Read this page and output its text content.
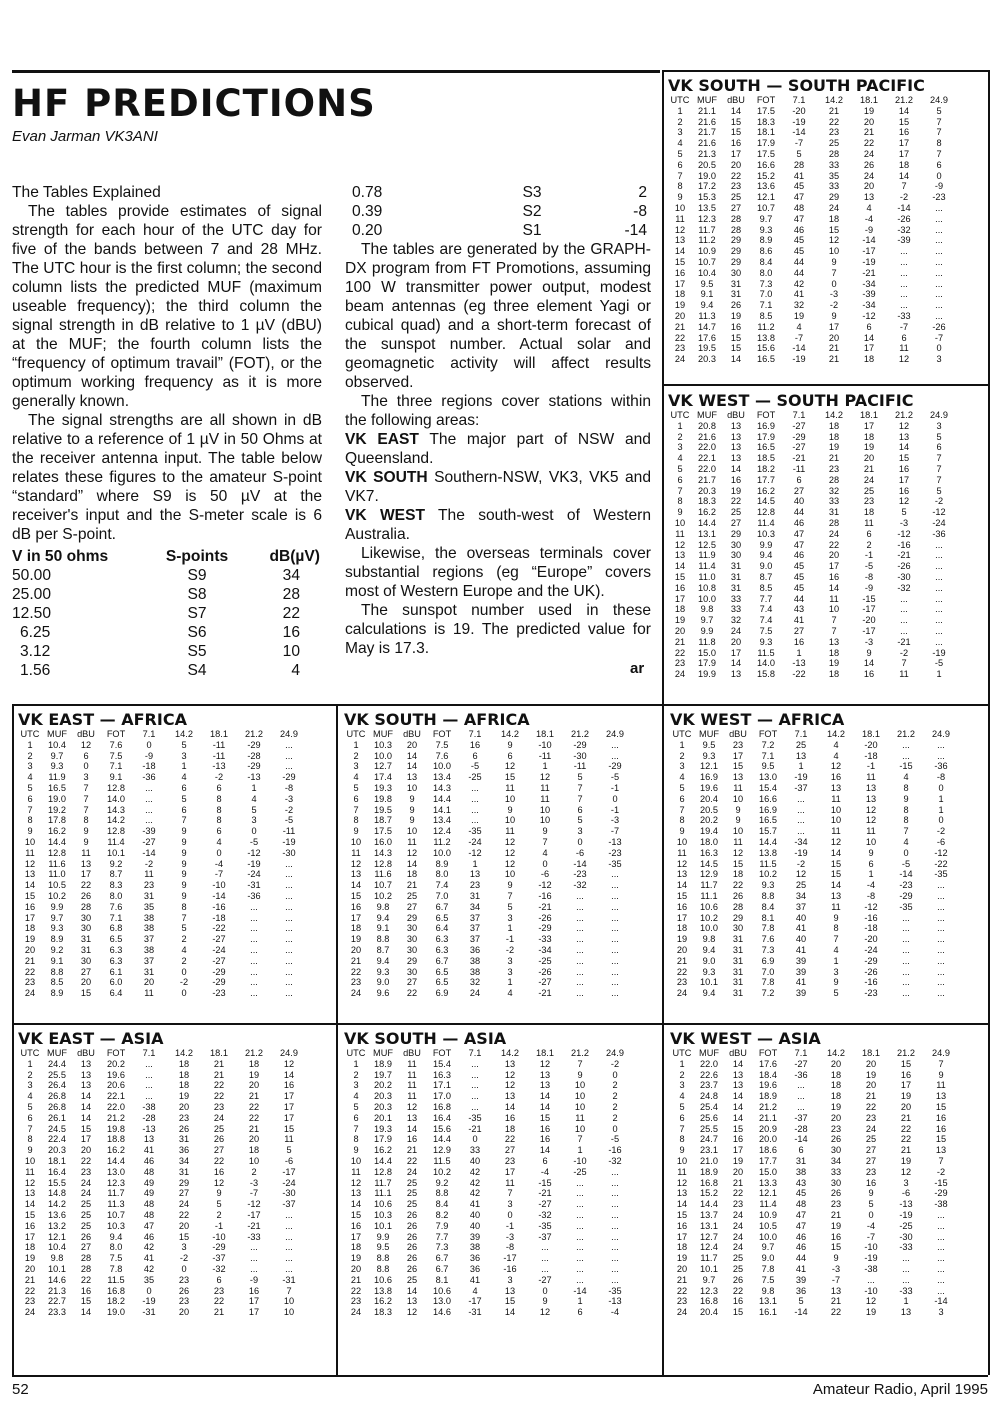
HF PREDICTIONS
Evan Jarman VK3ANI

The Tables Explained

The tables provide estimates of signal strength for each hour of the UTC day for five of the bands between 7 and 28 MHz. The UTC hour is the first column; the second column lists the predicted MUF (maximum useable frequency); the third column the signal strength in dB relative to 1 µV (dBU) at the MUF; the fourth column lists the “frequency of optimum travail” (FOT), or the optimum working frequency as it is more generally known.

The signal strengths are all shown in dB relative to a reference of 1 µV in 50 Ohms at the receiver antenna input. The table below relates these figures to the amateur S-point “standard” where S9 is 50 µV at the receiver's input and the S-meter scale is 6 dB per S-point.

V in 50 ohms	S-points	dB(µV)
50.00	S9	34
25.00	S8	28
12.50	S7	22
6.25	S6	16
3.12	S5	10
1.56	S4	4
0.78	S3	2
0.39	S2	-8
0.20	S1	-14

The tables are generated by the GRAPH-DX program from FT Promotions, assuming 100 W transmitter power output, modest beam antennas (eg three element Yagi or cubical quad) and a short-term forecast of the sunspot number. Actual solar and geomagnetic activity will affect results observed.

The three regions cover stations within the following areas:

VK EAST The major part of NSW and Queensland.

VK SOUTH Southern-NSW, VK3, VK5 and VK7.

VK WEST The south-west of Western Australia.

Likewise, the overseas terminals cover substantial regions (eg “Europe” covers most of Western Europe and the UK).

The sunspot number used in these calculations is 19. The predicted value for May is 17.3.

ar
VK SOUTH — SOUTH PACIFIC
UTC	MUF	dBU	FOT	7.1	14.2	18.1	21.2	24.9
1	21.1	14	17.5	-20	21	19	14	5
2	21.6	15	18.3	-19	22	20	15	7
3	21.7	15	18.1	-14	23	21	16	7
4	21.6	16	17.9	-7	25	22	17	8
5	21.3	17	17.5	5	28	24	17	7
6	20.5	20	16.6	28	33	26	18	6
7	19.0	22	15.2	41	35	24	14	0
8	17.2	23	13.6	45	33	20	7	-9
9	15.3	25	12.1	47	29	13	-2	-23
10	13.5	27	10.7	48	24	4	-14	...
11	12.3	28	9.7	47	18	-4	-26	...
12	11.7	28	9.3	46	15	-9	-32	...
13	11.2	29	8.9	45	12	-14	-39	...
14	10.9	29	8.6	45	10	-17	...	...
15	10.7	29	8.4	44	9	-19	...	...
16	10.4	30	8.0	44	7	-21	...	...
17	9.5	31	7.3	42	0	-34	...	...
18	9.1	31	7.0	41	-3	-39	...	...
19	9.4	26	7.1	32	-2	-34	...	...
20	11.3	19	8.5	19	9	-12	-33	...
21	14.7	16	11.2	4	17	6	-7	-26
22	17.6	15	13.8	-7	20	14	6	-7
23	19.5	15	15.6	-14	21	17	11	0
24	20.3	14	16.5	-19	21	18	12	3
VK WEST — SOUTH PACIFIC
UTC	MUF	dBU	FOT	7.1	14.2	18.1	21.2	24.9
1	20.8	13	16.9	-27	18	17	12	3
2	21.6	13	17.9	-29	18	18	13	5
3	22.0	13	16.5	-27	19	19	14	6
4	22.1	13	18.5	-21	21	20	15	7
5	22.0	14	18.2	-11	23	21	16	7
6	21.7	16	17.7	6	28	24	17	7
7	20.3	19	16.2	27	32	25	16	5
8	18.3	22	14.5	40	33	23	12	-2
9	16.2	25	12.8	44	31	18	5	-12
10	14.4	27	11.4	46	28	11	-3	-24
11	13.1	29	10.3	47	24	6	-12	-36
12	12.5	30	9.9	47	22	2	-16	...
13	11.9	30	9.4	46	20	-1	-21	...
14	11.4	31	9.0	45	17	-5	-26	...
15	11.0	31	8.7	45	16	-8	-30	...
16	10.8	31	8.5	45	14	-9	-32	...
17	10.0	33	7.7	44	11	-15	...	...
18	9.8	33	7.4	43	10	-17	...	...
19	9.7	32	7.4	41	7	-20	...	...
20	9.9	24	7.5	27	7	-17	...	...
21	11.8	20	9.3	16	13	-3	-21	...
22	15.0	17	11.5	1	18	9	-2	-19
23	17.9	14	14.0	-13	19	14	7	-5
24	19.9	13	15.8	-22	18	16	11	1
VK EAST — AFRICA
UTC	MUF	dBU	FOT	7.1	14.2	18.1	21.2	24.9
1	10.4	12	7.6	0	5	-11	-29	...
2	9.7	6	7.5	-9	3	-11	-28	...
3	9.3	0	7.1	-18	1	-13	-29	...
4	11.9	3	9.1	-36	4	-2	-13	-29
5	16.5	7	12.8	...	6	6	1	-8
6	19.0	7	14.0	...	5	8	4	-3
7	19.2	7	14.3	...	6	8	5	-2
8	17.8	8	14.2	...	7	8	3	-5
9	16.2	9	12.8	-39	9	6	0	-11
10	14.4	9	11.4	-27	9	4	-5	-19
11	12.8	11	10.1	-14	9	0	-12	-30
12	11.6	13	9.2	-2	9	-4	-19	...
13	11.0	17	8.7	11	9	-7	-24	...
14	10.5	22	8.3	23	9	-10	-31	...
15	10.2	26	8.0	31	9	-14	-36	...
16	9.9	28	7.6	35	8	-16	...	...
17	9.7	30	7.1	38	7	-18	...	...
18	9.3	30	6.8	38	5	-22	...	...
19	8.9	31	6.5	37	2	-27	...	...
20	9.2	31	6.3	38	4	-24	...	...
21	9.1	30	6.3	37	2	-27	...	...
22	8.8	27	6.1	31	0	-29	...	...
23	8.5	20	6.0	20	-2	-29	...	...
24	8.9	15	6.4	11	0	-23	...	...
VK SOUTH — AFRICA
UTC	MUF	dBU	FOT	7.1	14.2	18.1	21.2	24.9
1	10.3	20	7.5	16	9	-10	-29	...
2	10.0	14	7.6	6	6	-11	-30	...
3	12.7	14	10.0	-5	12	1	-11	-29
4	17.4	13	13.4	-25	15	12	5	-5
5	19.3	10	14.3	...	11	11	7	-1
6	19.8	9	14.4	...	10	11	7	0
7	19.5	9	14.1	...	9	10	6	-1
8	18.7	9	13.4	...	10	10	5	-3
9	17.5	10	12.4	-35	11	9	3	-7
10	16.0	11	11.2	-24	12	7	0	-13
11	14.3	12	10.0	-12	12	4	-6	-23
12	12.8	14	8.9	1	12	0	-14	-35
13	11.6	18	8.0	13	10	-6	-23	...
14	10.7	21	7.4	23	9	-12	-32	...
15	10.2	25	7.0	31	7	-16	...	...
16	9.8	27	6.7	34	5	-21	...	...
17	9.4	29	6.5	37	3	-26	...	...
18	9.1	30	6.4	37	1	-29	...	...
19	8.8	30	6.3	37	-1	-33	...	...
20	8.7	30	6.3	36	-2	-34	...	...
21	9.4	29	6.7	38	3	-25	...	...
22	9.3	30	6.5	38	3	-26	...	...
23	9.0	27	6.5	32	1	-27	...	...
24	9.6	22	6.9	24	4	-21	...	...
VK WEST — AFRICA
UTC	MUF	dBU	FOT	7.1	14.2	18.1	21.2	24.9
1	9.5	23	7.2	25	4	-20	...	...
2	9.3	17	7.1	13	4	-18	...	...
3	12.1	15	9.5	1	12	-1	-15	-36
4	16.9	13	13.0	-19	16	11	4	-8
5	19.6	11	15.4	-37	13	13	8	0
6	20.4	10	16.6	...	11	13	9	1
7	20.5	9	16.9	...	10	12	8	1
8	20.2	9	16.5	...	10	12	8	0
9	19.4	10	15.7	...	11	11	7	-2
10	18.0	11	14.4	-34	12	10	4	-6
11	16.3	12	13.8	-19	14	9	0	-12
12	14.5	15	11.5	-2	15	6	-5	-22
13	12.9	18	10.2	12	15	1	-14	-35
14	11.7	22	9.3	25	14	-4	-23	...
15	11.1	26	8.8	34	13	-8	-29	...
16	10.6	28	8.4	37	11	-12	-35	...
17	10.2	29	8.1	40	9	-16	...	...
18	10.0	30	7.8	41	8	-18	...	...
19	9.8	31	7.6	40	7	-20	...	...
20	9.4	31	7.3	41	4	-24	...	...
21	9.0	31	6.9	39	1	-29	...	...
22	9.3	31	7.0	39	3	-26	...	...
23	10.1	31	7.8	41	9	-16	...	...
24	9.4	31	7.2	39	5	-23	...	...
VK EAST — ASIA
UTC	MUF	dBU	FOT	7.1	14.2	18.1	21.2	24.9
1	24.4	13	20.2	...	18	21	18	12
2	25.5	13	19.6	...	18	21	19	14
3	26.4	13	20.6	...	18	22	20	16
4	26.8	14	22.1	...	19	22	21	17
5	26.8	14	22.0	-38	20	23	22	17
6	26.1	14	21.2	-28	23	24	22	17
7	24.5	15	19.8	-13	26	25	21	15
8	22.4	17	18.8	13	31	26	20	11
9	20.3	20	16.2	41	36	27	18	5
10	18.1	22	14.4	46	34	22	10	-6
11	16.4	23	13.0	48	31	16	2	-17
12	15.5	24	12.3	49	29	12	-3	-24
13	14.8	24	11.7	49	27	9	-7	-30
14	14.2	25	11.3	48	24	5	-12	-37
15	13.6	25	10.7	48	22	2	-17	...
16	13.2	25	10.3	47	20	-1	-21	...
17	12.1	26	9.4	46	15	-10	-33	...
18	10.4	27	8.0	42	3	-29	...	...
19	9.8	28	7.5	41	-2	-37	...	...
20	10.1	28	7.8	42	0	-32	...	...
21	14.6	22	11.5	35	23	6	-9	-31
22	21.3	16	16.8	0	26	23	16	7
23	22.7	15	18.2	-19	23	22	17	10
24	23.3	14	19.0	-31	20	21	17	10
VK SOUTH — ASIA
UTC	MUF	dBU	FOT	7.1	14.2	18.1	21.2	24.9
1	18.9	11	15.4	...	13	12	7	-2
2	19.7	11	16.3	...	12	13	9	0
3	20.2	11	17.1	...	12	13	10	2
4	20.3	11	17.0	...	13	14	10	2
5	20.3	12	16.8	...	14	14	10	2
6	20.1	13	16.4	-35	16	15	11	2
7	19.3	14	15.6	-21	18	16	10	0
8	17.9	16	14.4	0	22	16	7	-5
9	16.2	21	12.9	33	27	14	1	-16
10	14.4	22	11.5	40	23	6	-10	-32
11	12.8	24	10.2	42	17	-4	-25	...
12	11.7	25	9.2	42	11	-15	...	...
13	11.1	25	8.8	42	7	-21	...	...
14	10.6	25	8.4	41	3	-27	...	...
15	10.3	26	8.2	40	0	-32	...	...
16	10.1	26	7.9	40	-1	-35	...	...
17	9.9	26	7.7	39	-3	-37	...	...
18	9.5	26	7.3	38	-8	...	...	...
19	8.8	26	6.7	36	-17	...	...	...
20	8.8	26	6.7	36	-16	...	...	...
21	10.6	25	8.1	41	3	-27	...	...
22	13.8	14	10.6	4	13	0	-14	-35
23	16.2	13	13.0	-17	15	9	1	-13
24	18.3	12	14.6	-31	14	12	6	-4
VK WEST — ASIA
UTC	MUF	dBU	FOT	7.1	14.2	18.1	21.2	24.9
1	22.0	14	17.6	-27	20	20	15	7
2	22.6	13	18.4	-36	18	19	16	9
3	23.7	13	19.6	...	18	20	17	11
4	24.8	14	18.9	...	18	21	19	13
5	25.4	14	21.2	...	19	22	20	15
6	25.6	14	21.1	-37	20	23	21	16
7	25.5	15	20.9	-28	23	24	22	16
8	24.7	16	20.0	-14	26	25	22	15
9	23.1	17	18.6	6	30	27	21	13
10	21.0	19	17.7	31	34	27	19	7
11	18.9	20	15.0	38	33	23	12	-2
12	16.8	21	13.3	43	30	16	3	-15
13	15.2	22	12.1	45	26	9	-6	-29
14	14.4	23	11.4	48	23	5	-13	-38
15	13.7	24	10.9	47	21	0	-19	...
16	13.1	24	10.5	47	19	-4	-25	...
17	12.7	24	10.0	46	16	-7	-30	...
18	12.4	24	9.7	46	15	-10	-33	...
19	11.7	25	9.0	44	9	-19	...	...
20	10.1	25	7.8	41	-3	-38	...	...
21	9.7	26	7.5	39	-7	...	...	...
22	12.3	22	9.8	36	13	-10	-33	...
23	16.8	16	13.1	5	21	12	1	-14
24	20.4	15	16.1	-14	22	19	13	3
52	Amateur Radio, April 1995
